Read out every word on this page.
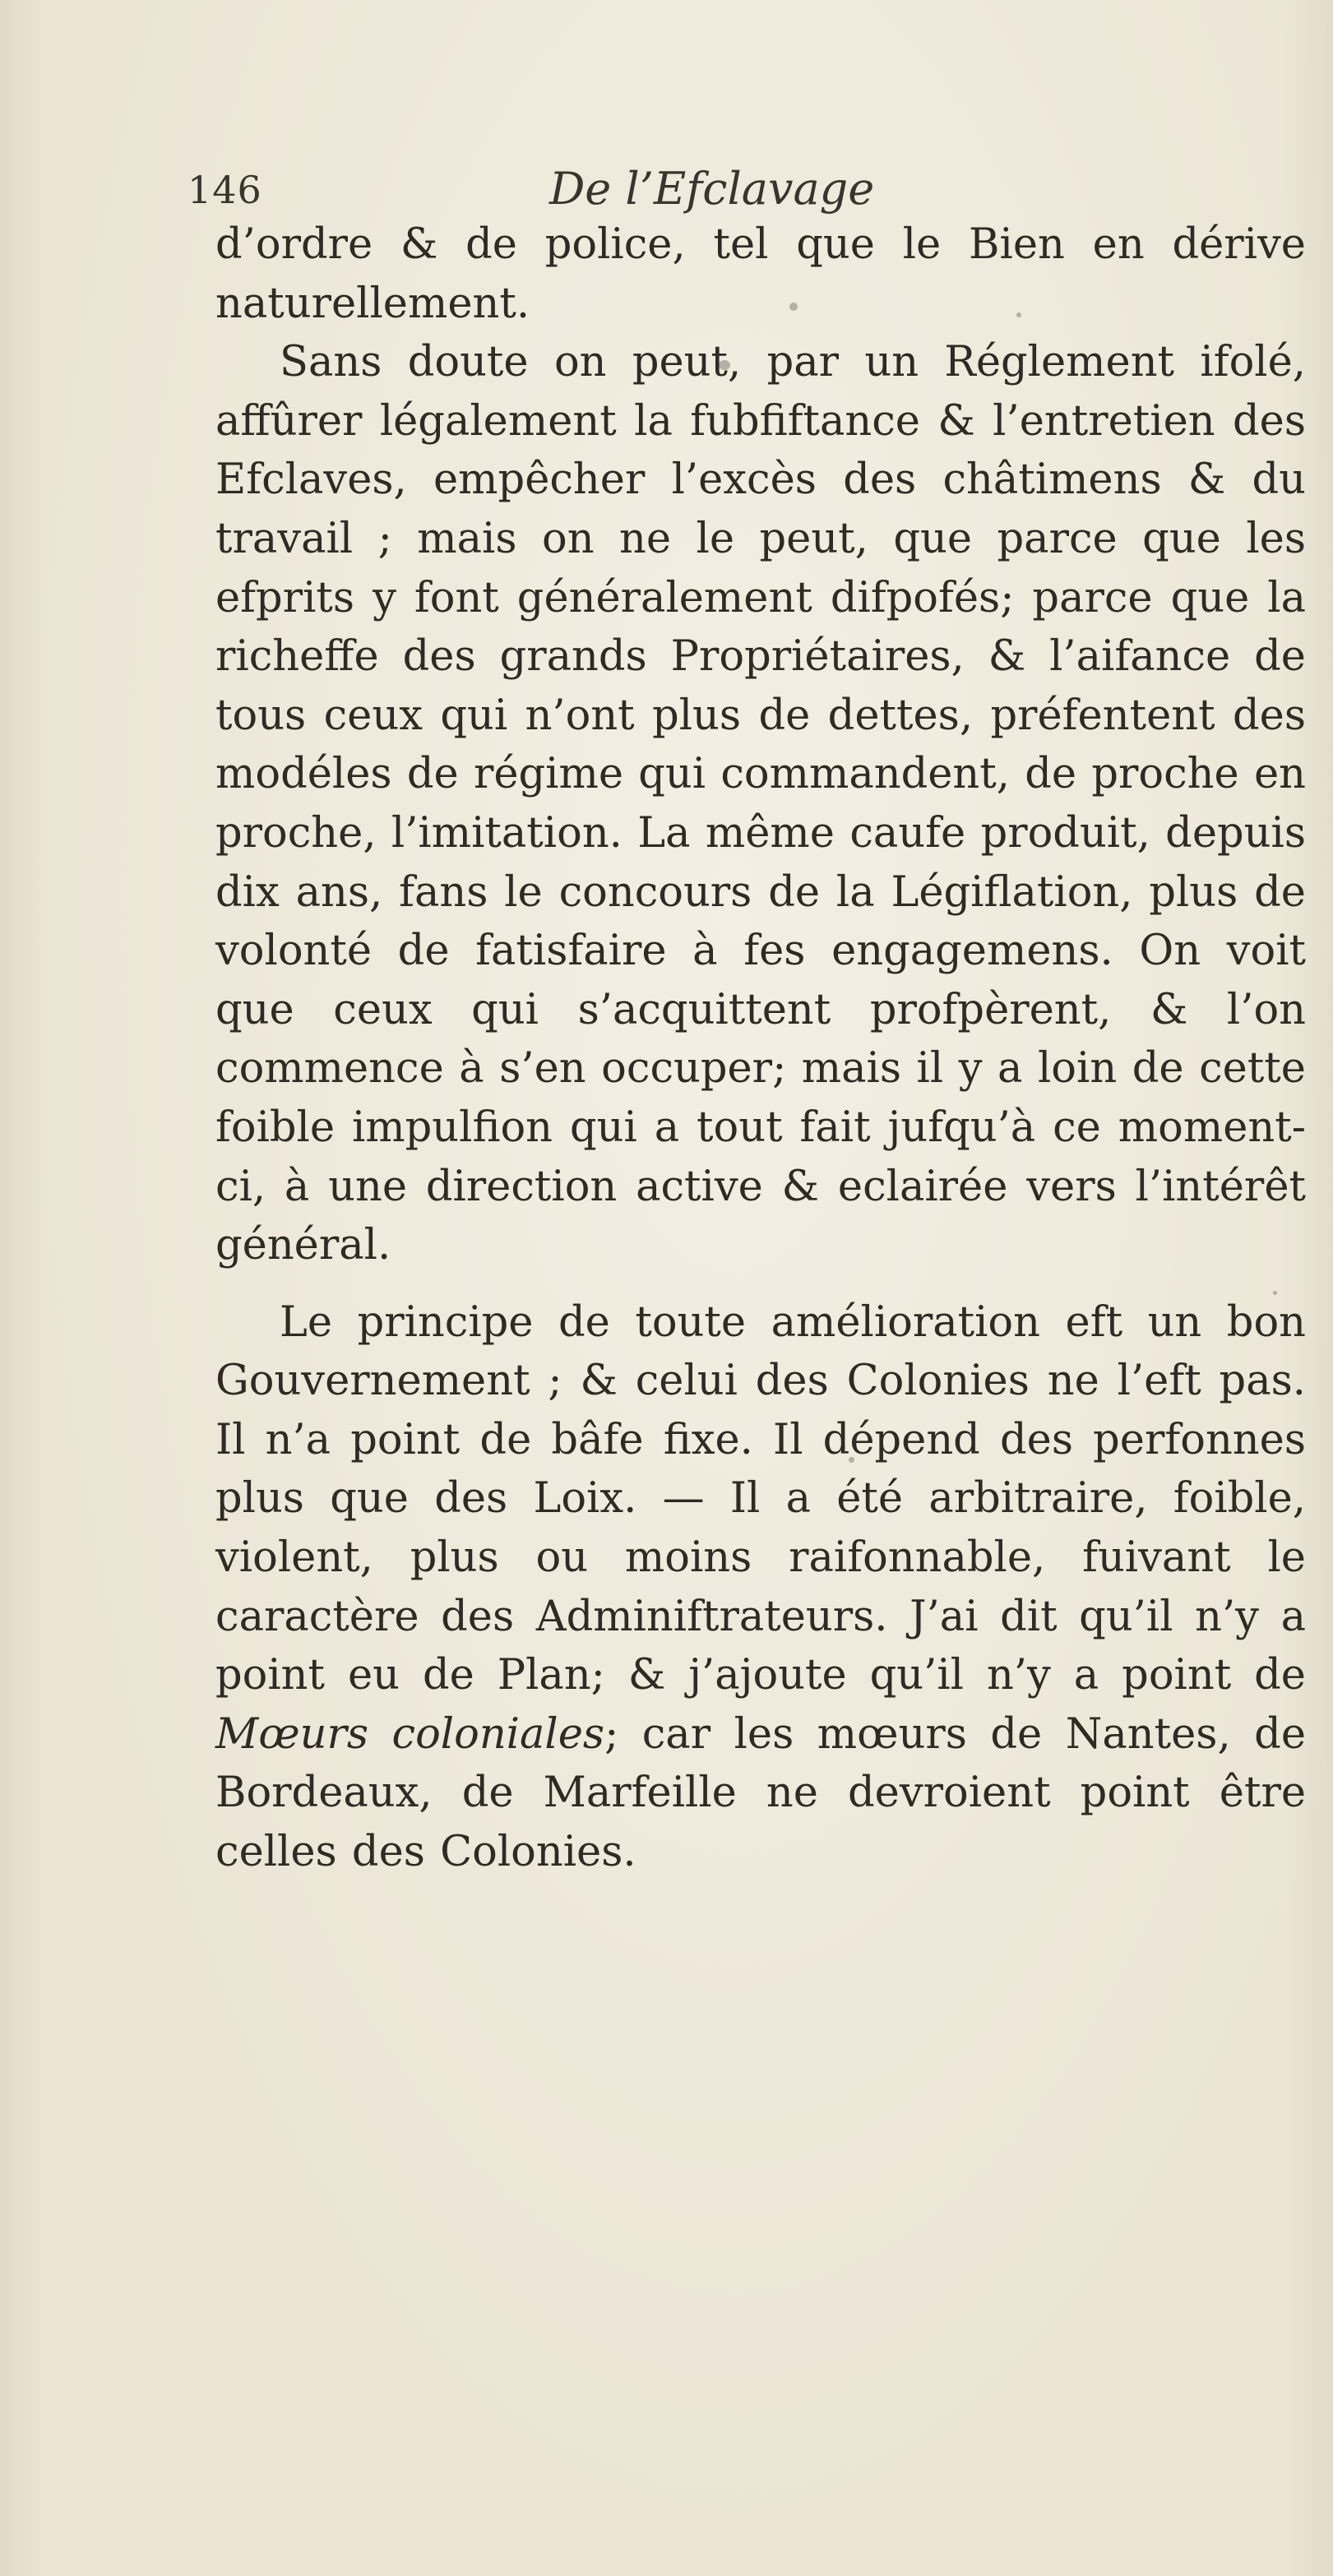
146	De l’Efclavage

d’ordre & de police, tel que le Bien en dérive naturellement.

Sans doute on peut, par un Réglement ifolé, affûrer légalement la fubfiftance & l’entretien des Efclaves, empêcher l’excès des châtimens & du travail ; mais on ne le peut, que parce que les efprits y font généralement difpofés; parce que la richeffe des grands Propriétaires, & l’aifance de tous ceux qui n’ont plus de dettes, préfentent des modéles de régime qui commandent, de proche en proche, l’imitation. La même caufe produit, depuis dix ans, fans le concours de la Légiflation, plus de volonté de fatisfaire à fes engagemens. On voit que ceux qui s’acquittent profpèrent, & l’on commence à s’en occuper; mais il y a loin de cette foible impulfion qui a tout fait jufqu’à ce moment-ci, à une direction active & eclairée vers l’intérêt général.

Le principe de toute amélioration eft un bon Gouvernement ; & celui des Colonies ne l’eft pas. Il n’a point de bâfe fixe. Il dépend des perfonnes plus que des Loix. — Il a été arbitraire, foible, violent, plus ou moins raifonnable, fuivant le caractère des Adminiftrateurs. J’ai dit qu’il n’y a point eu de Plan; & j’ajoute qu’il n’y a point de Mœurs coloniales; car les mœurs de Nantes, de Bordeaux, de Marfeille ne devroient point être celles des Colonies.
